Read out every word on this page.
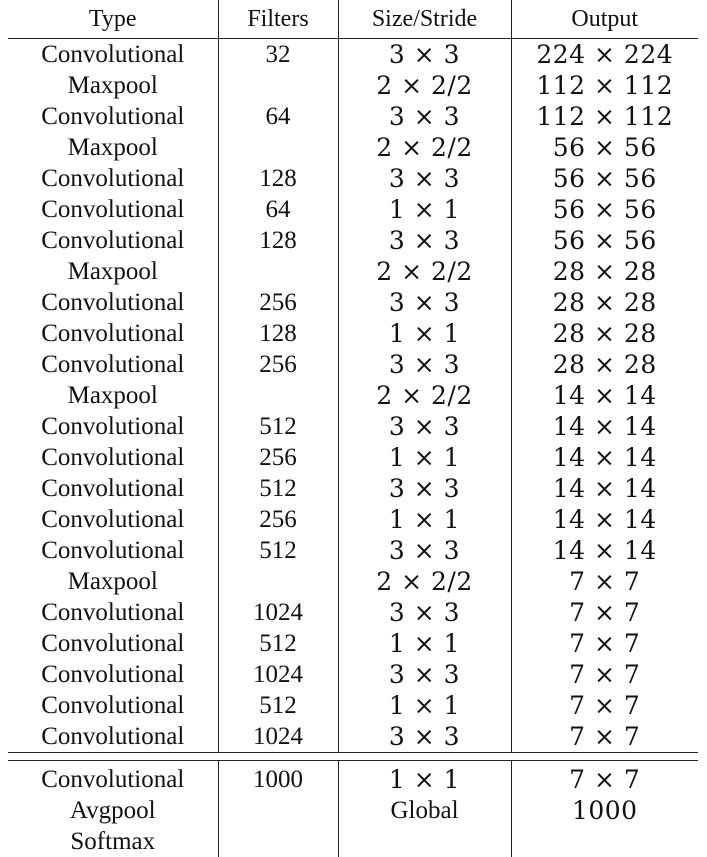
Type	Filters	Size/Stride	Output
Convolutional	32	3 × 3	224 × 224
Maxpool		2 × 2/2	112 × 112
Convolutional	64	3 × 3	112 × 112
Maxpool		2 × 2/2	56 × 56
Convolutional	128	3 × 3	56 × 56
Convolutional	64	1 × 1	56 × 56
Convolutional	128	3 × 3	56 × 56
Maxpool		2 × 2/2	28 × 28
Convolutional	256	3 × 3	28 × 28
Convolutional	128	1 × 1	28 × 28
Convolutional	256	3 × 3	28 × 28
Maxpool		2 × 2/2	14 × 14
Convolutional	512	3 × 3	14 × 14
Convolutional	256	1 × 1	14 × 14
Convolutional	512	3 × 3	14 × 14
Convolutional	256	1 × 1	14 × 14
Convolutional	512	3 × 3	14 × 14
Maxpool		2 × 2/2	7 × 7
Convolutional	1024	3 × 3	7 × 7
Convolutional	512	1 × 1	7 × 7
Convolutional	1024	3 × 3	7 × 7
Convolutional	512	1 × 1	7 × 7
Convolutional	1024	3 × 3	7 × 7

Convolutional	1000	1 × 1	7 × 7
Avgpool		Global	1000
Softmax			
